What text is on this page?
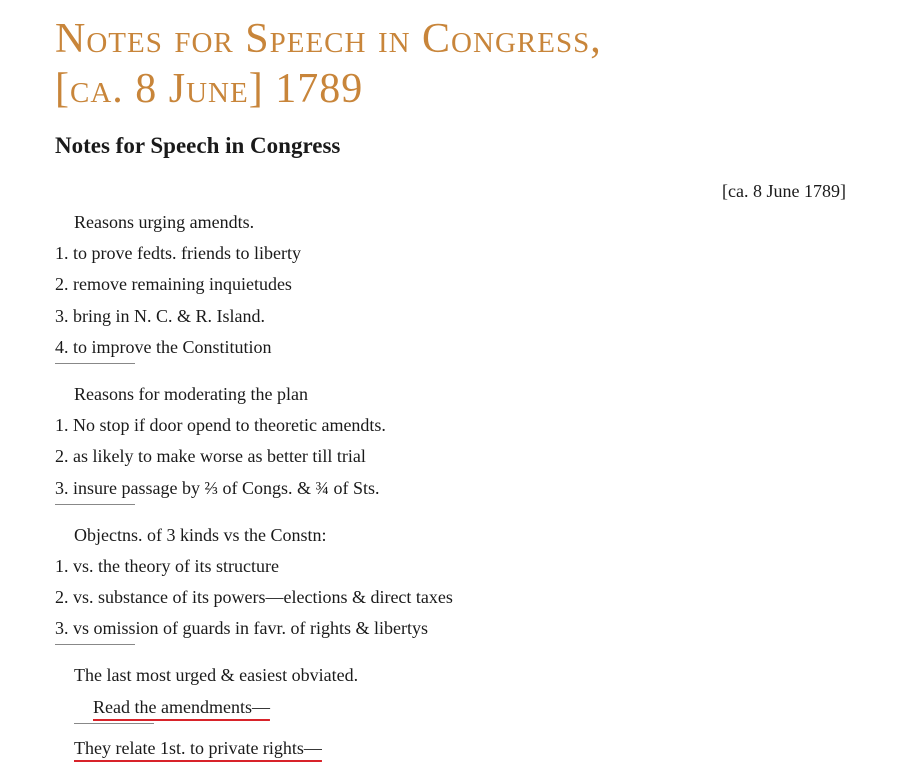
Notes for Speech in Congress,
[ca. 8 June] 1789
Notes for Speech in Congress
[ca. 8 June 1789]
Reasons urging amendts.
1. to prove fedts. friends to liberty
2. remove remaining inquietudes
3. bring in N. C. & R. Island.
4. to improve the Constitution
Reasons for moderating the plan
1. No stop if door opend to theoretic amendts.
2. as likely to make worse as better till trial
3. insure passage by ⅔ of Congs. & ¾ of Sts.
Objectns. of 3 kinds vs the Constn:
1. vs. the theory of its structure
2. vs. substance of its powers—elections & direct taxes
3. vs omission of guards in favr. of rights & libertys
The last most urged & easiest obviated.
Read the amendments—
They relate 1st. to private rights—
